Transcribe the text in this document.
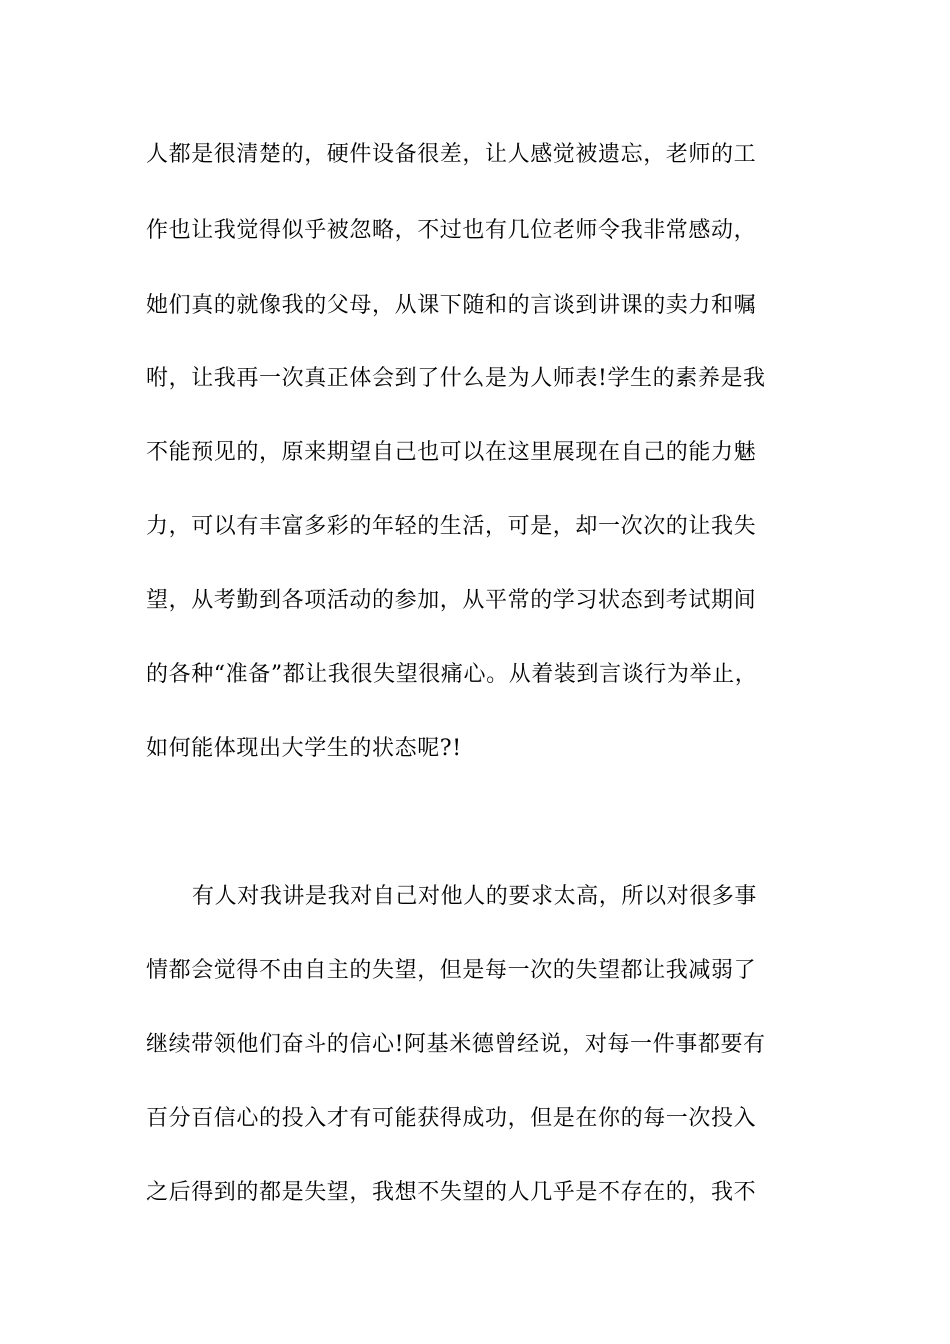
人都是很清楚的，硬件设备很差，让人感觉被遗忘，老师的工
作也让我觉得似乎被忽略，不过也有几位老师令我非常感动，
她们真的就像我的父母，从课下随和的言谈到讲课的卖力和嘱
咐，让我再一次真正体会到了什么是为人师表!学生的素养是我
不能预见的，原来期望自己也可以在这里展现在自己的能力魅
力，可以有丰富多彩的年轻的生活，可是，却一次次的让我失
望，从考勤到各项活动的参加，从平常的学习状态到考试期间
的各种“准备”都让我很失望很痛心。从着装到言谈行为举止，
如何能体现出大学生的状态呢?!
有人对我讲是我对自己对他人的要求太高，所以对很多事
情都会觉得不由自主的失望，但是每一次的失望都让我减弱了
继续带领他们奋斗的信心!阿基米德曾经说，对每一件事都要有
百分百信心的投入才有可能获得成功，但是在你的每一次投入
之后得到的都是失望，我想不失望的人几乎是不存在的，我不
